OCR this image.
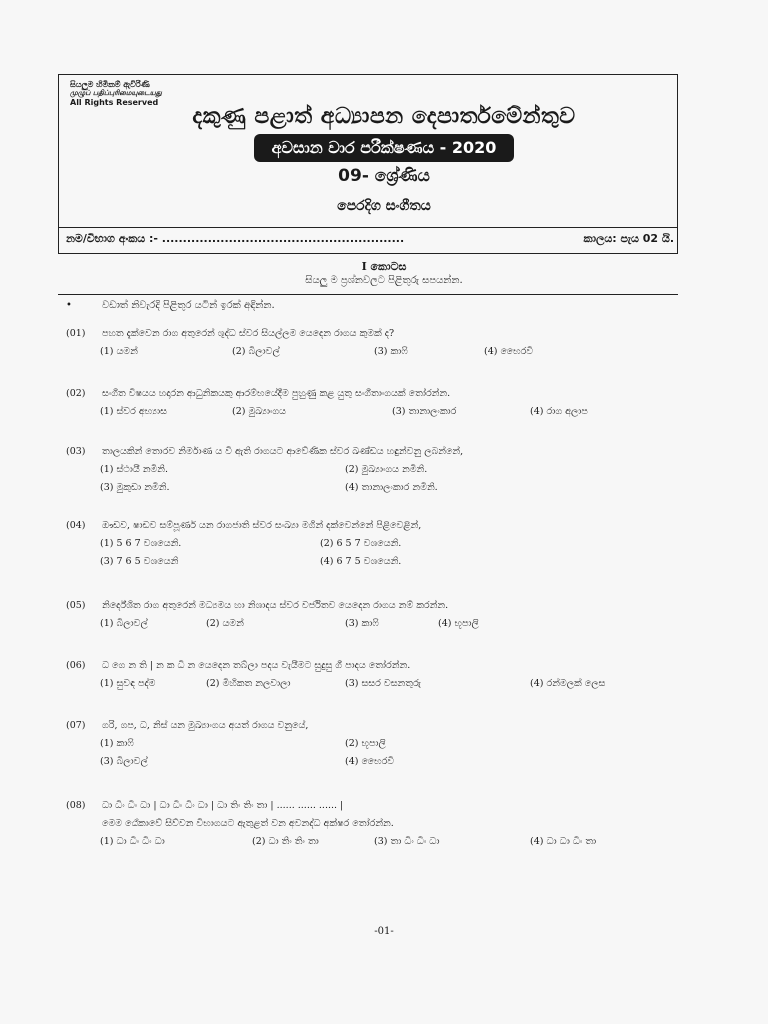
සියලුම හිමිකම් ඇවිරිණි
முழுப் பதிப்புரிமையுடையது
All Rights Reserved
දකුණු පළාත් අධ්‍යාපන දෙපාර්තමේන්තුව
අවසාන වාර පරීක්ෂණය - 2020
09- ශ්‍රේණිය
පෙරදිග සංගීතය
නම/විභාග අංකය :- ..........................................................	කාලය: පැය 02 යි.
I කොටස
සියලු ම ප්‍රශ්නවලට පිළිතුරු සපයන්න.
•	වඩාත් නිවැරදි පිළිතුර යටින් ඉරක් අඳින්න.
(01) පහත දැක්වෙන රාග අතුරෙන් ශුද්ධ ස්වර සියල්ලම යෙදෙන රාගය කුමක් ද?
(1) යමන්	(2) බිලාවල්	(3) කාෆි	(4) භෛරවී
(02) සංගීත විෂයය හදාරන ආධුනිකයකු ආරම්භයේදීම පුහුණු කළ යුතු සංගීතාංගයක් තෝරන්න.
(1) ස්වර අභ්‍යාස	(2) මුඛ්‍යාංගය	(3) තානාලංකාර	(4) රාග අලාප
(03) තාලයකින් තොරව නිර්මාණ ය වී ඇති රාගයට ආවේණික ස්වර ඛණ්ඩය හඳුන්වනු ලබන්නේ,
(1) ස්ථායී නමිනි.	(2) මුඛ්‍යාංගය නමිනි.
(3) මුකුඩා නමිනි.	(4) තානාලංකාර නමිනි.
(04) ඖඩව, ෂාඩව සම්පූර්ණ යන රාගජාති ස්වර සංඛ්‍යා මගින් දක්වෙන්නේ පිළිවෙළින්,
(1) 5 6 7 වශයෙනි.	(2) 6 5 7 වශයෙනි.
(3) 7 6 5 වශයෙනි	(4) 6 7 5 වශයෙනි.
(05) නිර්දේශිත රාග අතුරෙන් මධ්‍යමය හා නිශාදය ස්වර වර්ජිතව යෙදෙන රාගය නම් කරන්න.
(1) බිලාවල්	(2) යමන්	(3) කාෆි	(4) භූපාලි
(06) ධ ගෙ න ති | න ක ධි න යෙදෙන තබ්ලා පදය වැයීමට සුදුසු ගී පාදය තෝරන්න.
(1) සුවඳ පද්ම	(2) මිහිකත නලවාලා	(3) සසර වසනතුරු	(4) රන්මලක් ලෙස
(07) ගරි, ගප, ධ, නිස් යන මුඛ්‍යාංගය අයත් රාගය වනුයේ,
(1) කාෆි	(2) භූපාලි
(3) බිලාවල්	(4) භෛරවී
(08) ධා ධිං ධිං ධා | ධා ධිං ධිං ධා | ධා තිං තිං තා | ...... ...... ...... |
මෙම ඨේකාවේ සිව්වන විභාගයට ඇතුළත් වන අවනද්ධ අක්ෂර තෝරන්න.
(1) ධා ධිං ධිං ධා	(2) ධා තිං තිං තා	(3) තා ධිං ධිං ධා	(4) ධා ධා ධිං තා
-01-
